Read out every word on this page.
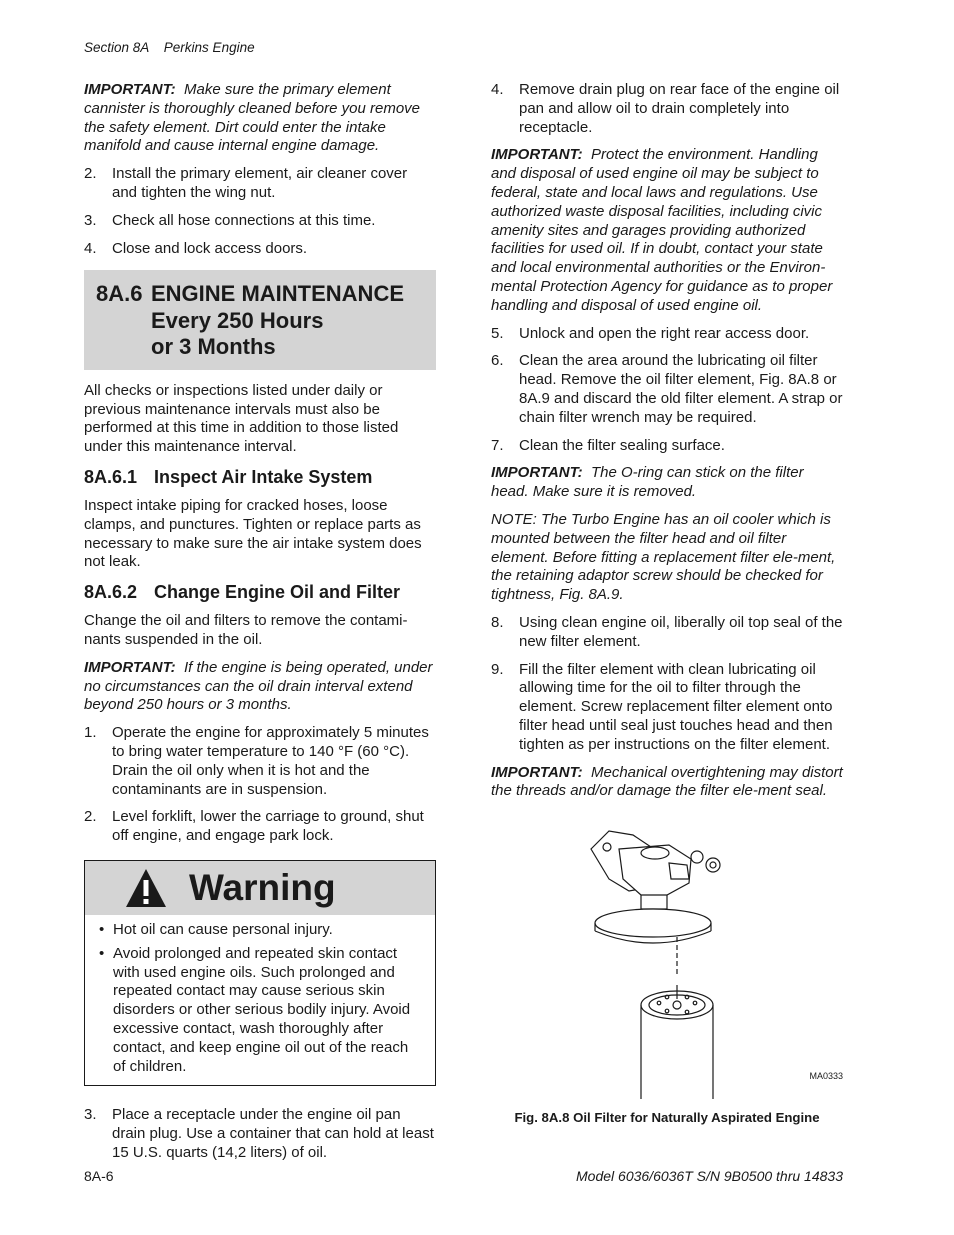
Section 8A    Perkins Engine

IMPORTANT: Make sure the primary element cannister is thoroughly cleaned before you remove the safety element. Dirt could enter the intake manifold and cause internal engine damage.

2.	Install the primary element, air cleaner cover and tighten the wing nut.
3.	Check all hose connections at this time.
4.	Close and lock access doors.
8A.6 ENGINE MAINTENANCE
Every 250 Hours
or 3 Months

All checks or inspections listed under daily or previous maintenance intervals must also be performed at this time in addition to those listed under this maintenance interval.

8A.6.1 Inspect Air Intake System

Inspect intake piping for cracked hoses, loose clamps, and punctures. Tighten or replace parts as necessary to make sure the air intake system does not leak.

8A.6.2 Change Engine Oil and Filter

Change the oil and filters to remove the contami-nants suspended in the oil.

IMPORTANT: If the engine is being operated, under no circumstances can the oil drain interval extend beyond 250 hours or 3 months.

1.	Operate the engine for approximately 5 minutes to bring water temperature to 140 °F (60 °C). Drain the oil only when it is hot and the contaminants are in suspension.
2.	Level forklift, lower the carriage to ground, shut off engine, and engage park lock.
Warning
• Hot oil can cause personal injury.
• Avoid prolonged and repeated skin contact with used engine oils. Such prolonged and repeated contact may cause serious skin disorders or other serious bodily injury. Avoid excessive contact, wash thoroughly after contact, and keep engine oil out of the reach of children.
3.	Place a receptacle under the engine oil pan drain plug. Use a container that can hold at least 15 U.S. quarts (14,2 liters) of oil.
4.	Remove drain plug on rear face of the engine oil pan and allow oil to drain completely into receptacle.

IMPORTANT: Protect the environment. Handling and disposal of used engine oil may be subject to federal, state and local laws and regulations. Use authorized waste disposal facilities, including civic amenity sites and garages providing authorized facilities for used oil. If in doubt, contact your state and local environmental authorities or the Environ-mental Protection Agency for guidance as to proper handling and disposal of used engine oil.

5.	Unlock and open the right rear access door.
6.	Clean the area around the lubricating oil filter head. Remove the oil filter element, Fig. 8A.8 or 8A.9 and discard the old filter element. A strap or chain filter wrench may be required.
7.	Clean the filter sealing surface.

IMPORTANT: The O-ring can stick on the filter head. Make sure it is removed.

NOTE: The Turbo Engine has an oil cooler which is mounted between the filter head and oil filter element. Before fitting a replacement filter ele-ment, the retaining adaptor screw should be checked for tightness, Fig. 8A.9.

8.	Using clean engine oil, liberally oil top seal of the new filter element.
9.	Fill the filter element with clean lubricating oil allowing time for the oil to filter through the element. Screw replacement filter element onto filter head until seal just touches head and then tighten as per instructions on the filter element.

IMPORTANT: Mechanical overtightening may distort the threads and/or damage the filter ele-ment seal.

MA0333

Fig. 8A.8 Oil Filter for Naturally Aspirated Engine

8A-6	Model 6036/6036T S/N 9B0500 thru 14833
